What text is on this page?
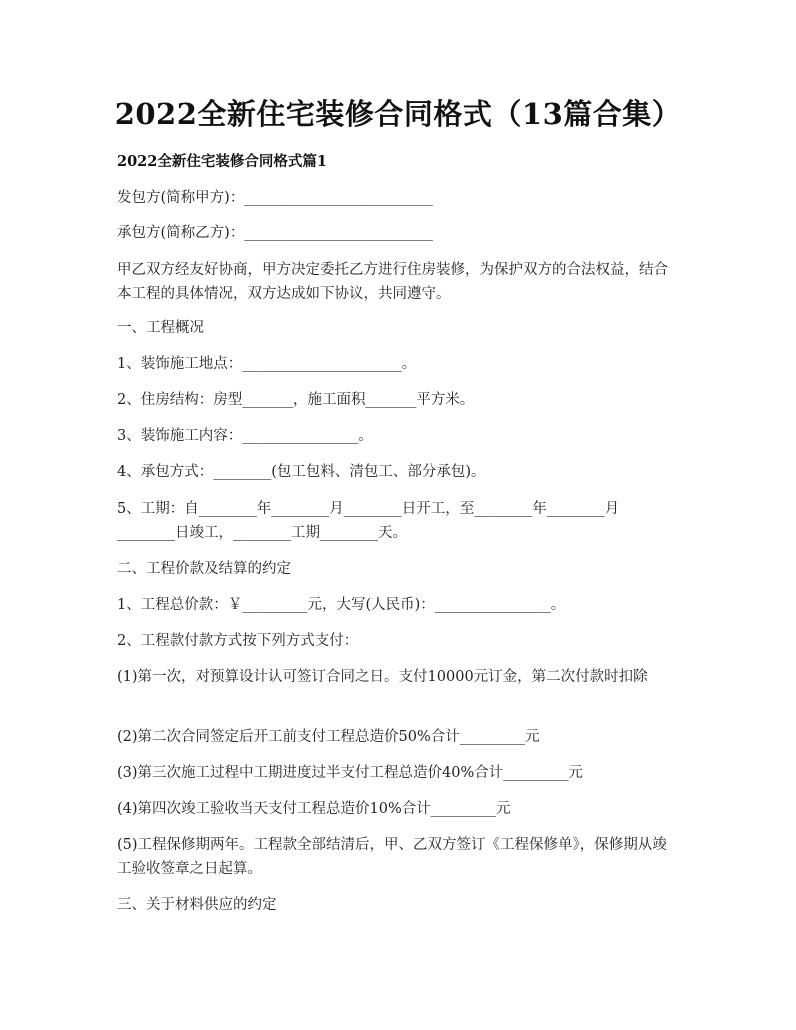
2022全新住宅装修合同格式（13篇合集）
2022全新住宅装修合同格式篇1
发包方(简称甲方)：__________________________
承包方(简称乙方)：__________________________
甲乙双方经友好协商，甲方决定委托乙方进行住房装修，为保护双方的合法权益，结合本工程的具体情况，双方达成如下协议，共同遵守。
一、工程概况
1、装饰施工地点：______________________。
2、住房结构：房型_______，施工面积_______平方米。
3、装饰施工内容：________________。
4、承包方式：________(包工包料、清包工、部分承包)。
5、工期：自________年________月________日开工，至________年________月________日竣工，________工期________天。
二、工程价款及结算的约定
1、工程总价款：￥_________元，大写(人民币)：________________。
2、工程款付款方式按下列方式支付：
(1)第一次，对预算设计认可签订合同之日。支付10000元订金，第二次付款时扣除
(2)第二次合同签定后开工前支付工程总造价50%合计_________元
(3)第三次施工过程中工期进度过半支付工程总造价40%合计_________元
(4)第四次竣工验收当天支付工程总造价10%合计_________元
(5)工程保修期两年。工程款全部结清后，甲、乙双方签订《工程保修单》，保修期从竣工验收签章之日起算。
三、关于材料供应的约定
